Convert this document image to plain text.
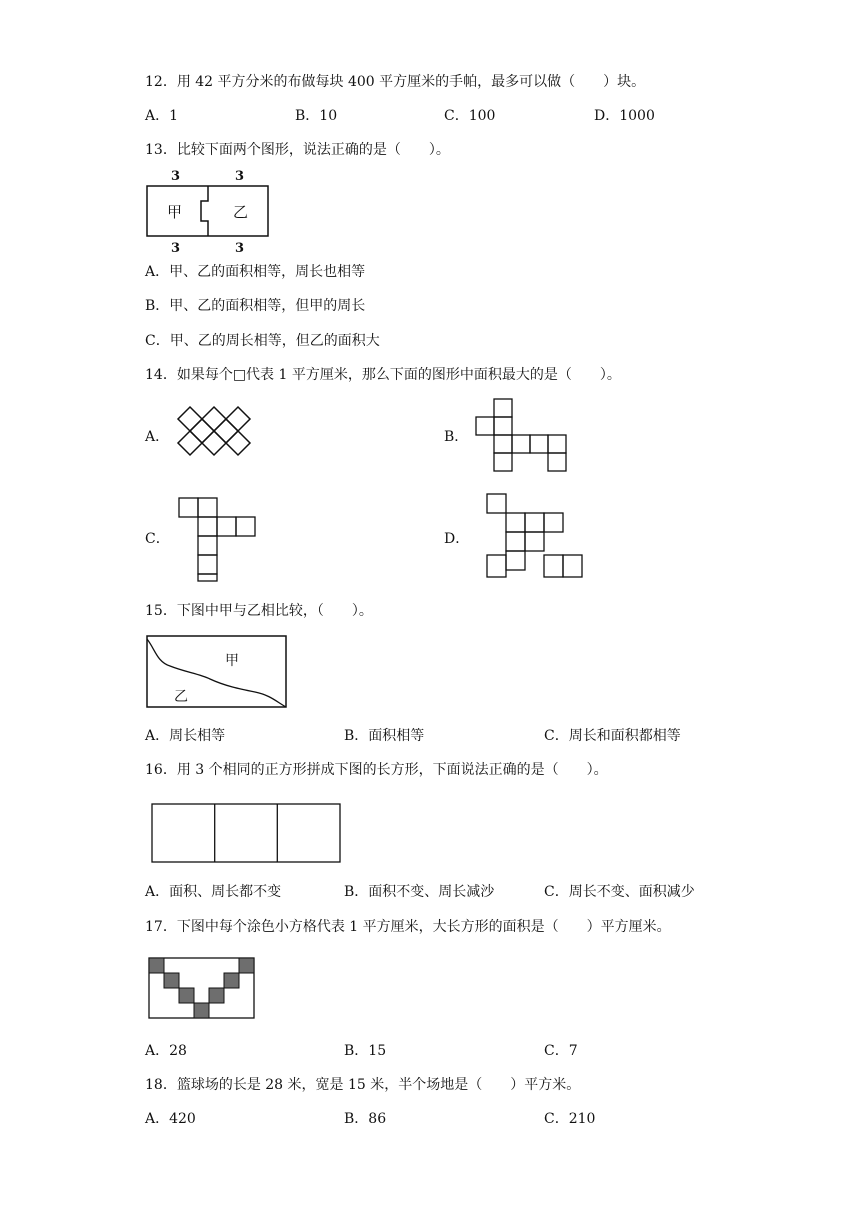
12．用 42 平方分米的布做每块 400 平方厘米的手帕，最多可以做（　　）块。
A．1	B．10	C．100	D．1000
13．比较下面两个图形，说法正确的是（　　）。
3	3
甲	乙
3	3
A．甲、乙的面积相等，周长也相等
B．甲、乙的面积相等，但甲的周长
C．甲、乙的周长相等，但乙的面积大
14．如果每个□代表 1 平方厘米，那么下面的图形中面积最大的是（　　）。
A．	B．
C．	D．
15．下图中甲与乙相比较，（　　）。
甲
乙
A．周长相等	B．面积相等	C．周长和面积都相等
16．用 3 个相同的正方形拼成下图的长方形，下面说法正确的是（　　）。
A．面积、周长都不变	B．面积不变、周长减沙	C．周长不变、面积减少
17．下图中每个涂色小方格代表 1 平方厘米，大长方形的面积是（　　）平方厘米。
A．28	B．15	C．7
18．篮球场的长是 28 米，宽是 15 米，半个场地是（　　）平方米。
A．420	B．86	C．210
